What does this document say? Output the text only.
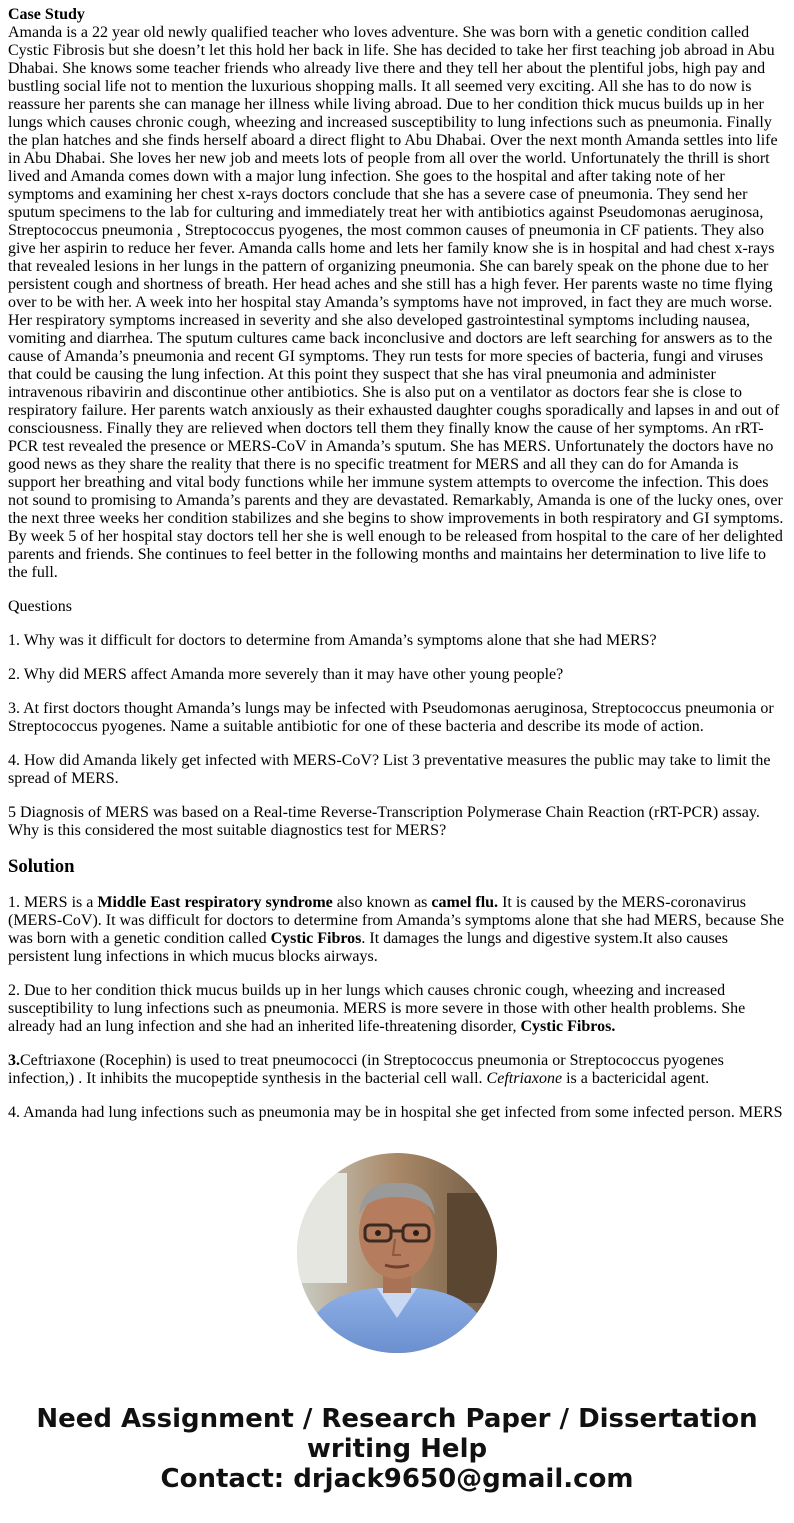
Case Study
Amanda is a 22 year old newly qualified teacher who loves adventure. She was born with a genetic condition called Cystic Fibrosis but she doesn’t let this hold her back in life. She has decided to take her first teaching job abroad in Abu Dhabai. She knows some teacher friends who already live there and they tell her about the plentiful jobs, high pay and bustling social life not to mention the luxurious shopping malls. It all seemed very exciting. All she has to do now is reassure her parents she can manage her illness while living abroad. Due to her condition thick mucus builds up in her lungs which causes chronic cough, wheezing and increased susceptibility to lung infections such as pneumonia. Finally the plan hatches and she finds herself aboard a direct flight to Abu Dhabai. Over the next month Amanda settles into life in Abu Dhabai. She loves her new job and meets lots of people from all over the world. Unfortunately the thrill is short lived and Amanda comes down with a major lung infection. She goes to the hospital and after taking note of her symptoms and examining her chest x-rays doctors conclude that she has a severe case of pneumonia. They send her sputum specimens to the lab for culturing and immediately treat her with antibiotics against Pseudomonas aeruginosa, Streptococcus pneumonia , Streptococcus pyogenes, the most common causes of pneumonia in CF patients. They also give her aspirin to reduce her fever. Amanda calls home and lets her family know she is in hospital and had chest x-rays that revealed lesions in her lungs in the pattern of organizing pneumonia. She can barely speak on the phone due to her persistent cough and shortness of breath. Her head aches and she still has a high fever. Her parents waste no time flying over to be with her. A week into her hospital stay Amanda’s symptoms have not improved, in fact they are much worse. Her respiratory symptoms increased in severity and she also developed gastrointestinal symptoms including nausea, vomiting and diarrhea. The sputum cultures came back inconclusive and doctors are left searching for answers as to the cause of Amanda’s pneumonia and recent GI symptoms. They run tests for more species of bacteria, fungi and viruses that could be causing the lung infection. At this point they suspect that she has viral pneumonia and administer intravenous ribavirin and discontinue other antibiotics. She is also put on a ventilator as doctors fear she is close to respiratory failure. Her parents watch anxiously as their exhausted daughter coughs sporadically and lapses in and out of consciousness. Finally they are relieved when doctors tell them they finally know the cause of her symptoms. An rRT-PCR test revealed the presence or MERS-CoV in Amanda’s sputum. She has MERS. Unfortunately the doctors have no good news as they share the reality that there is no specific treatment for MERS and all they can do for Amanda is support her breathing and vital body functions while her immune system attempts to overcome the infection. This does not sound to promising to Amanda’s parents and they are devastated. Remarkably, Amanda is one of the lucky ones, over the next three weeks her condition stabilizes and she begins to show improvements in both respiratory and GI symptoms. By week 5 of her hospital stay doctors tell her she is well enough to be released from hospital to the care of her delighted parents and friends. She continues to feel better in the following months and maintains her determination to live life to the full.

Questions

1. Why was it difficult for doctors to determine from Amanda’s symptoms alone that she had MERS?

2. Why did MERS affect Amanda more severely than it may have other young people?

3. At first doctors thought Amanda’s lungs may be infected with Pseudomonas aeruginosa, Streptococcus pneumonia or Streptococcus pyogenes. Name a suitable antibiotic for one of these bacteria and describe its mode of action.

4. How did Amanda likely get infected with MERS-CoV? List 3 preventative measures the public may take to limit the spread of MERS.

5 Diagnosis of MERS was based on a Real-time Reverse-Transcription Polymerase Chain Reaction (rRT-PCR) assay. Why is this considered the most suitable diagnostics test for MERS?

Solution

1. MERS is a Middle East respiratory syndrome also known as camel flu. It is caused by the MERS-coronavirus (MERS-CoV). It was difficult for doctors to determine from Amanda’s symptoms alone that she had MERS, because She was born with a genetic condition called Cystic Fibros. It damages the lungs and digestive system.It also causes persistent lung infections in which mucus blocks airways.

2. Due to her condition thick mucus builds up in her lungs which causes chronic cough, wheezing and increased susceptibility to lung infections such as pneumonia. MERS is more severe in those with other health problems. She already had an lung infection and she had an inherited life-threatening disorder, Cystic Fibros.

3.Ceftriaxone (Rocephin) is used to treat pneumococci (in Streptococcus pneumonia or Streptococcus pyogenes infection,) . It inhibits the mucopeptide synthesis in the bacterial cell wall. Ceftriaxone is a bactericidal agent.

4. Amanda had lung infections such as pneumonia may be in hospital she get infected from some infected person. MERS

Need Assignment / Research Paper / Dissertation
writing Help
Contact: drjack9650@gmail.com
